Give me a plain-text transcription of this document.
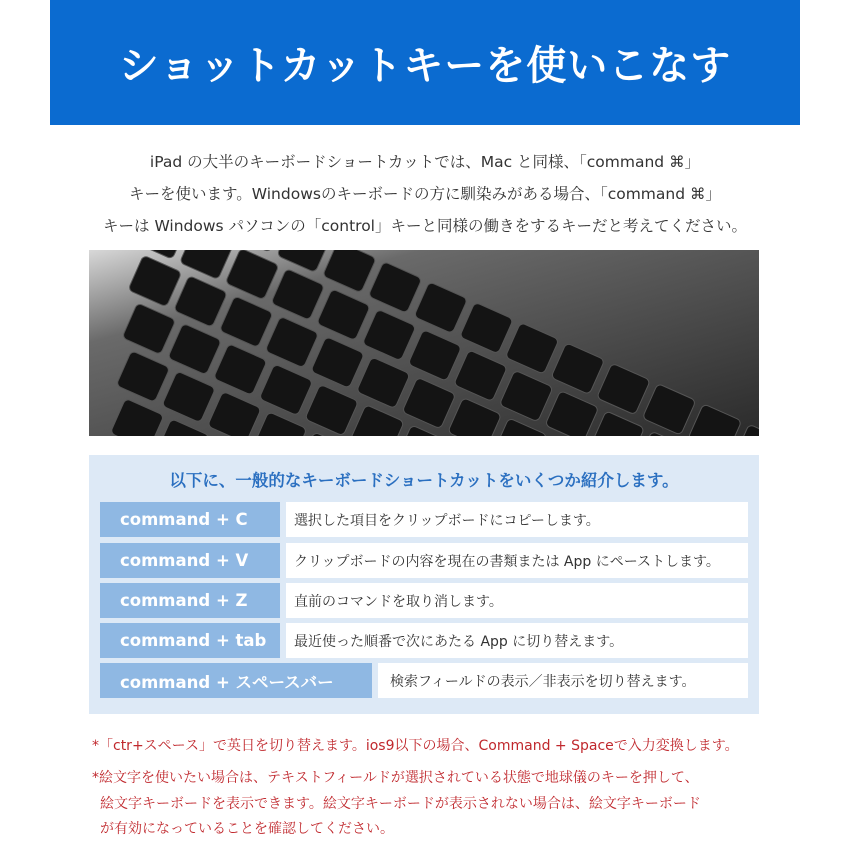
ショットカットキーを使いこなす
iPad の大半のキーボードショートカットでは、Mac と同様、「command ⌘」
キーを使います。Windowsのキーボードの方に馴染みがある場合、「command ⌘」
キーは Windows パソコンの「control」キーと同様の働きをするキーだと考えてください。
以下に、一般的なキーボードショートカットをいくつか紹介します。
command + C	選択した項目をクリップボードにコピーします。
command + V	クリップボードの内容を現在の書類または App にペーストします。
command + Z	直前のコマンドを取り消します。
command + tab	最近使った順番で次にあたる App に切り替えます。
command + スペースバー	検索フィールドの表示／非表示を切り替えます。

*「ctr+スペース」で英日を切り替えます。ios9以下の場合、Command + Spaceで入力変換します。

*絵文字を使いたい場合は、テキストフィールドが選択されている状態で地球儀のキーを押して、

絵文字キーボードを表示できます。絵文字キーボードが表示されない場合は、絵文字キーボード

が有効になっていることを確認してください。
